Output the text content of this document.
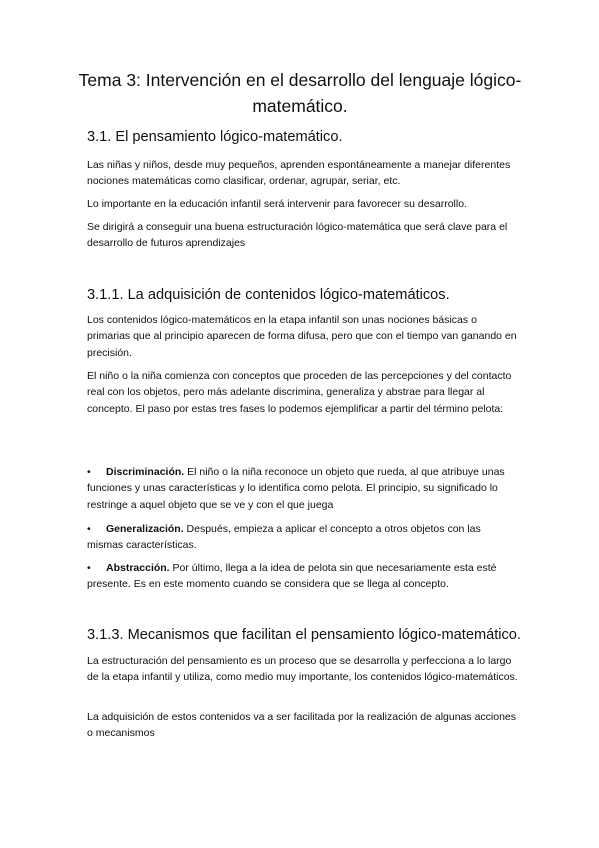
Tema 3: Intervención en el desarrollo del lenguaje lógico-matemático.
3.1. El pensamiento lógico-matemático.
Las niñas y niños, desde muy pequeños, aprenden espontáneamente a manejar diferentes nociones matemáticas como clasificar, ordenar, agrupar, seriar, etc.
Lo importante en la educación infantil será intervenir para favorecer su desarrollo.
Se dirigirá a conseguir una buena estructuración lógico-matemática que será clave para el desarrollo de futuros aprendizajes
3.1.1. La adquisición de contenidos lógico-matemáticos.
Los contenidos lógico-matemáticos en la etapa infantil son unas nociones básicas o primarias que al principio aparecen de forma difusa, pero que con el tiempo van ganando en precisión.
El niño o la niña comienza con conceptos que proceden de las percepciones y del contacto real con los objetos, pero más adelante discrimina, generaliza y abstrae para llegar al concepto. El paso por estas tres fases lo podemos ejemplificar a partir del término pelota:
• Discriminación. El niño o la niña reconoce un objeto que rueda, al que atribuye unas funciones y unas características y lo identifica como pelota. El principio, su significado lo restringe a aquel objeto que se ve y con el que juega
• Generalización. Después, empieza a aplicar el concepto a otros objetos con las mismas características.
• Abstracción. Por último, llega a la idea de pelota sin que necesariamente esta esté presente. Es en este momento cuando se considera que se llega al concepto.
3.1.3. Mecanismos que facilitan el pensamiento lógico-matemático.
La estructuración del pensamiento es un proceso que se desarrolla y perfecciona a lo largo de la etapa infantil y utiliza, como medio muy importante, los contenidos lógico-matemáticos.
La adquisición de estos contenidos va a ser facilitada por la realización de algunas acciones o mecanismos
